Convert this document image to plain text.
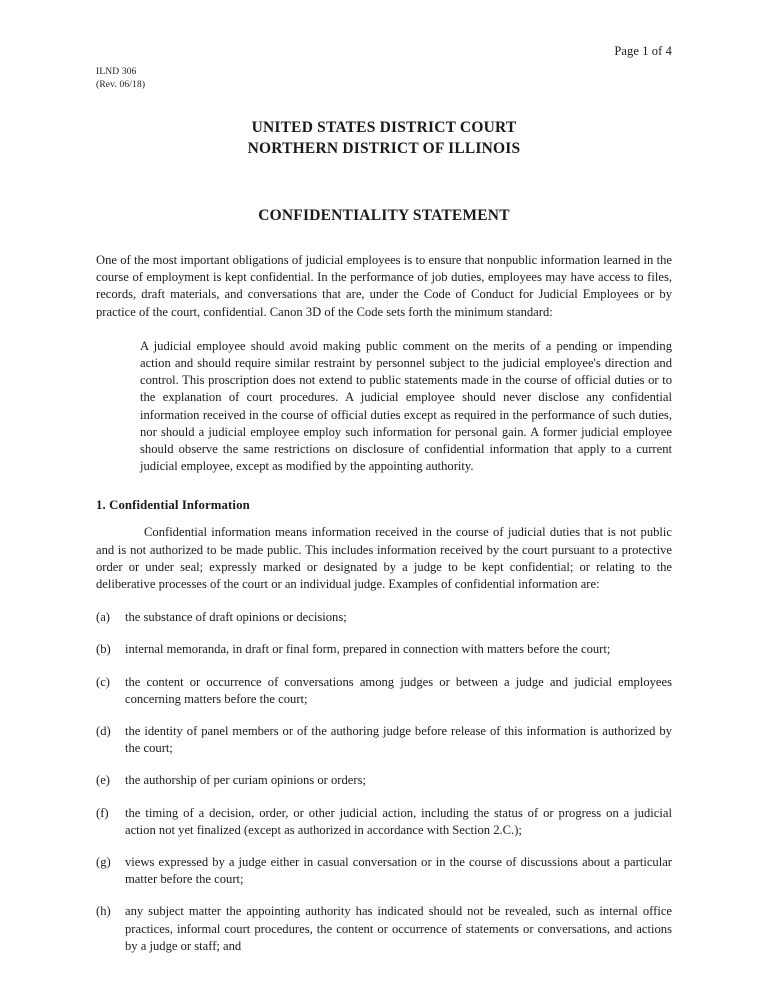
Page 1 of 4
ILND 306
(Rev. 06/18)
UNITED STATES DISTRICT COURT
NORTHERN DISTRICT OF ILLINOIS
CONFIDENTIALITY STATEMENT

One of the most important obligations of judicial employees is to ensure that nonpublic information learned in the course of employment is kept confidential. In the performance of job duties, employees may have access to files, records, draft materials, and conversations that are, under the Code of Conduct for Judicial Employees or by practice of the court, confidential. Canon 3D of the Code sets forth the minimum standard:

A judicial employee should avoid making public comment on the merits of a pending or impending action and should require similar restraint by personnel subject to the judicial employee's direction and control. This proscription does not extend to public statements made in the course of official duties or to the explanation of court procedures. A judicial employee should never disclose any confidential information received in the course of official duties except as required in the performance of such duties, nor should a judicial employee employ such information for personal gain. A former judicial employee should observe the same restrictions on disclosure of confidential information that apply to a current judicial employee, except as modified by the appointing authority.
1. Confidential Information

Confidential information means information received in the course of judicial duties that is not public and is not authorized to be made public. This includes information received by the court pursuant to a protective order or under seal; expressly marked or designated by a judge to be kept confidential; or relating to the deliberative processes of the court or an individual judge. Examples of confidential information are:

(a)	the substance of draft opinions or decisions;
(b)	internal memoranda, in draft or final form, prepared in connection with matters before the court;
(c)	the content or occurrence of conversations among judges or between a judge and judicial employees concerning matters before the court;
(d)	the identity of panel members or of the authoring judge before release of this information is authorized by the court;
(e)	the authorship of per curiam opinions or orders;
(f)	the timing of a decision, order, or other judicial action, including the status of or progress on a judicial action not yet finalized (except as authorized in accordance with Section 2.C.);
(g)	views expressed by a judge either in casual conversation or in the course of discussions about a particular matter before the court;
(h)	any subject matter the appointing authority has indicated should not be revealed, such as internal office practices, informal court procedures, the content or occurrence of statements or conversations, and actions by a judge or staff; and
